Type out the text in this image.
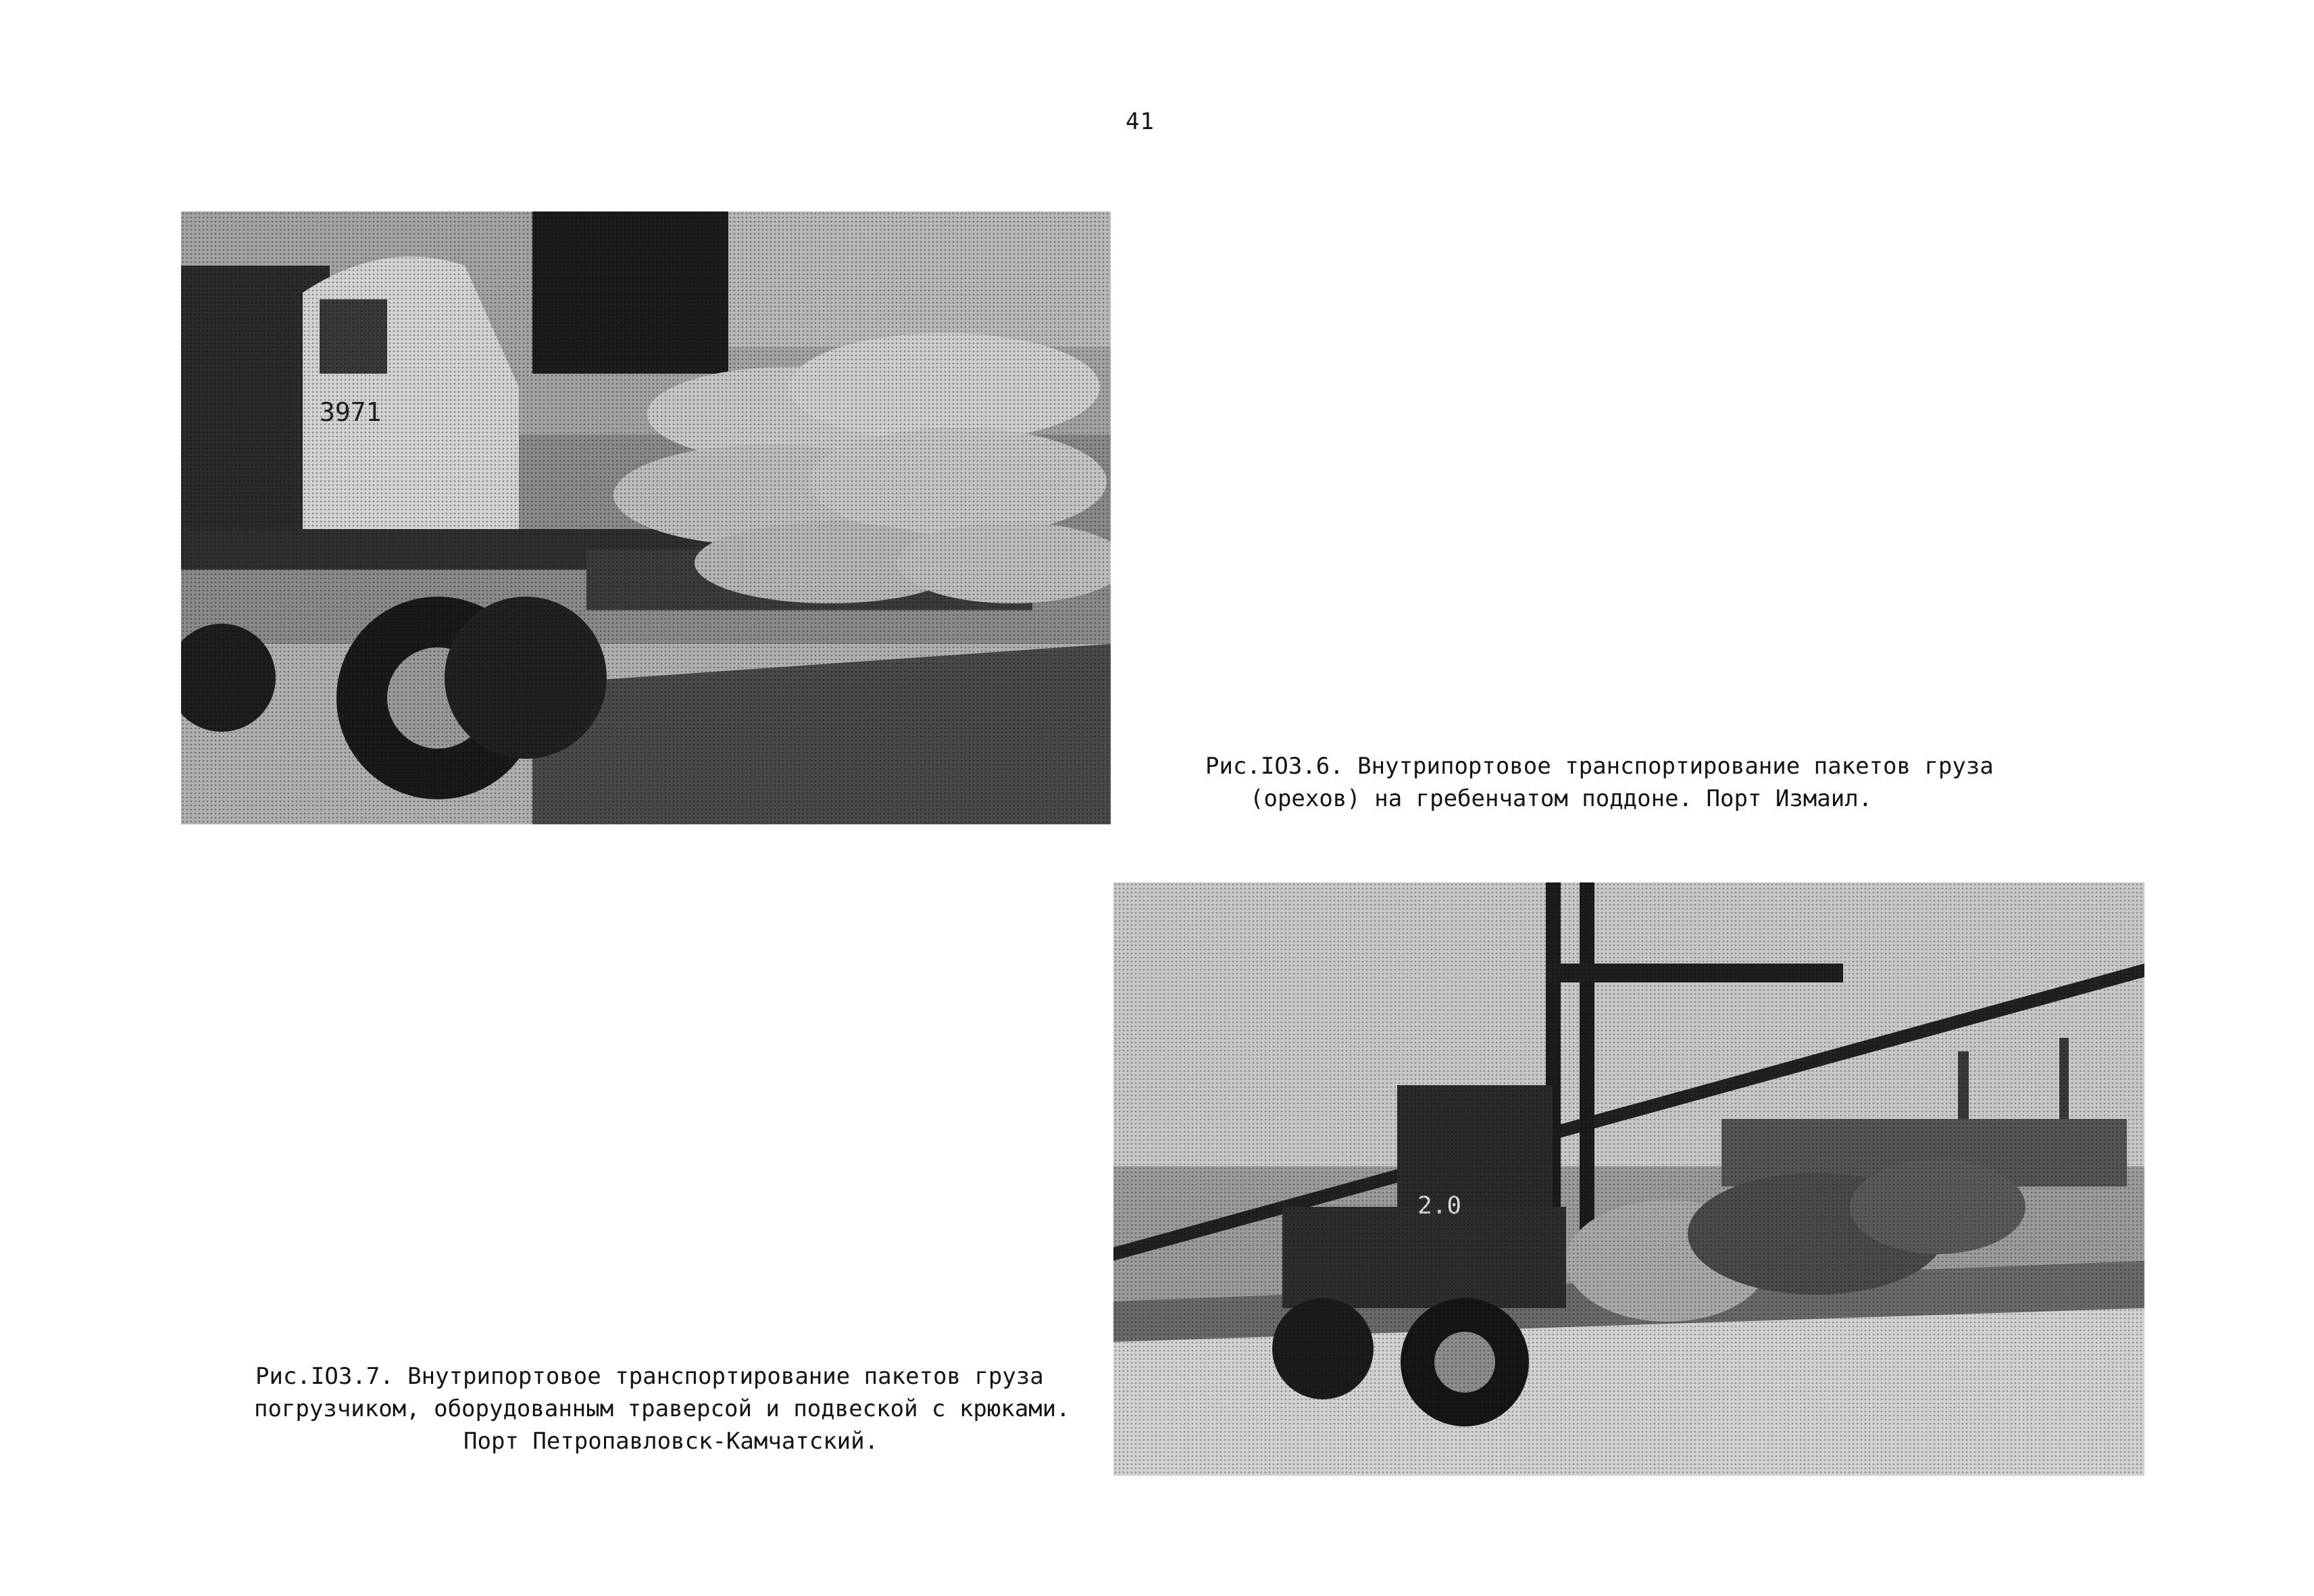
41
Рис.IO3.6. Внутрипортовое транспортирование пакетов груза
(орехов) на гребенчатом поддоне. Порт Измаил.
Рис.IO3.7. Внутрипортовое транспортирование пакетов груза
погрузчиком, оборудованным траверсой и подвеской с крюками.
Порт Петропавловск-Камчатский.
